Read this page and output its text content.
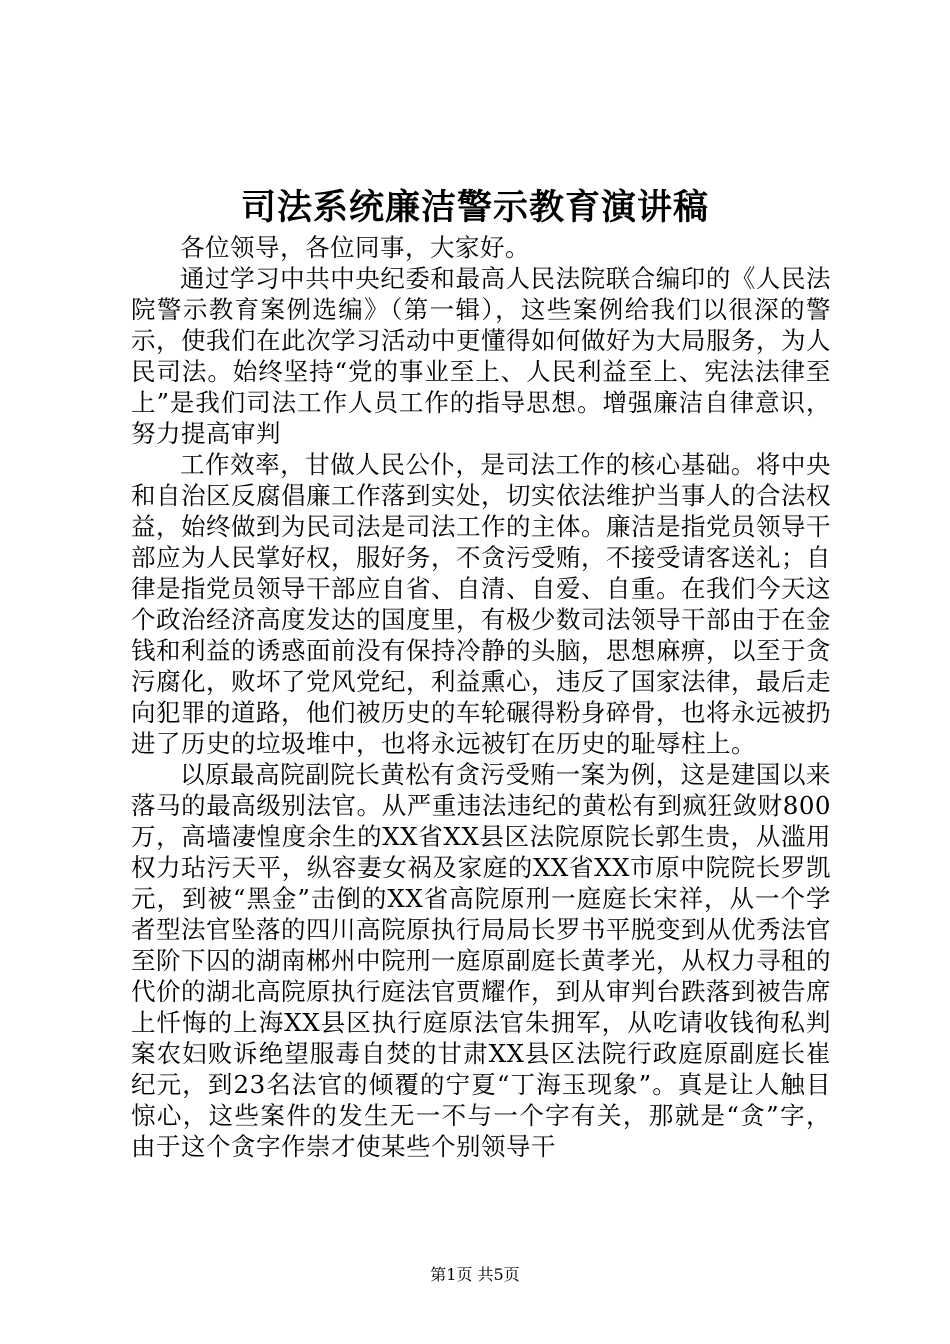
司法系统廉洁警示教育演讲稿

各位领导，各位同事，大家好。

通过学习中共中央纪委和最高人民法院联合编印的《人民法院警示教育案例选编》（第一辑），这些案例给我们以很深的警示，使我们在此次学习活动中更懂得如何做好为大局服务，为人民司法。始终坚持“党的事业至上、人民利益至上、宪法法律至上”是我们司法工作人员工作的指导思想。增强廉洁自律意识，努力提高审判

工作效率，甘做人民公仆，是司法工作的核心基础。将中央和自治区反腐倡廉工作落到实处，切实依法维护当事人的合法权益，始终做到为民司法是司法工作的主体。廉洁是指党员领导干部应为人民掌好权，服好务，不贪污受贿，不接受请客送礼；自律是指党员领导干部应自省、自清、自爱、自重。在我们今天这个政治经济高度发达的国度里，有极少数司法领导干部由于在金钱和利益的诱惑面前没有保持冷静的头脑，思想麻痹，以至于贪污腐化，败坏了党风党纪，利益熏心，违反了国家法律，最后走向犯罪的道路，他们被历史的车轮碾得粉身碎骨，也将永远被扔进了历史的垃圾堆中，也将永远被钉在历史的耻辱柱上。

以原最高院副院长黄松有贪污受贿一案为例，这是建国以来落马的最高级别法官。从严重违法违纪的黄松有到疯狂敛财800万，高墙凄惶度余生的XX省XX县区法院原院长郭生贵，从滥用权力玷污天平，纵容妻女祸及家庭的XX省XX市原中院院长罗凯元，到被“黑金”击倒的XX省高院原刑一庭庭长宋祥，从一个学者型法官坠落的四川高院原执行局局长罗书平脱变到从优秀法官至阶下囚的湖南郴州中院刑一庭原副庭长黄孝光，从权力寻租的代价的湖北高院原执行庭法官贾耀作，到从审判台跌落到被告席上忏悔的上海XX县区执行庭原法官朱拥军，从吃请收钱徇私判案农妇败诉绝望服毒自焚的甘肃XX县区法院行政庭原副庭长崔纪元，到23名法官的倾覆的宁夏“丁海玉现象”。真是让人触目惊心，这些案件的发生无一不与一个字有关，那就是“贪”字，由于这个贪字作崇才使某些个别领导干

第1页 共5页
